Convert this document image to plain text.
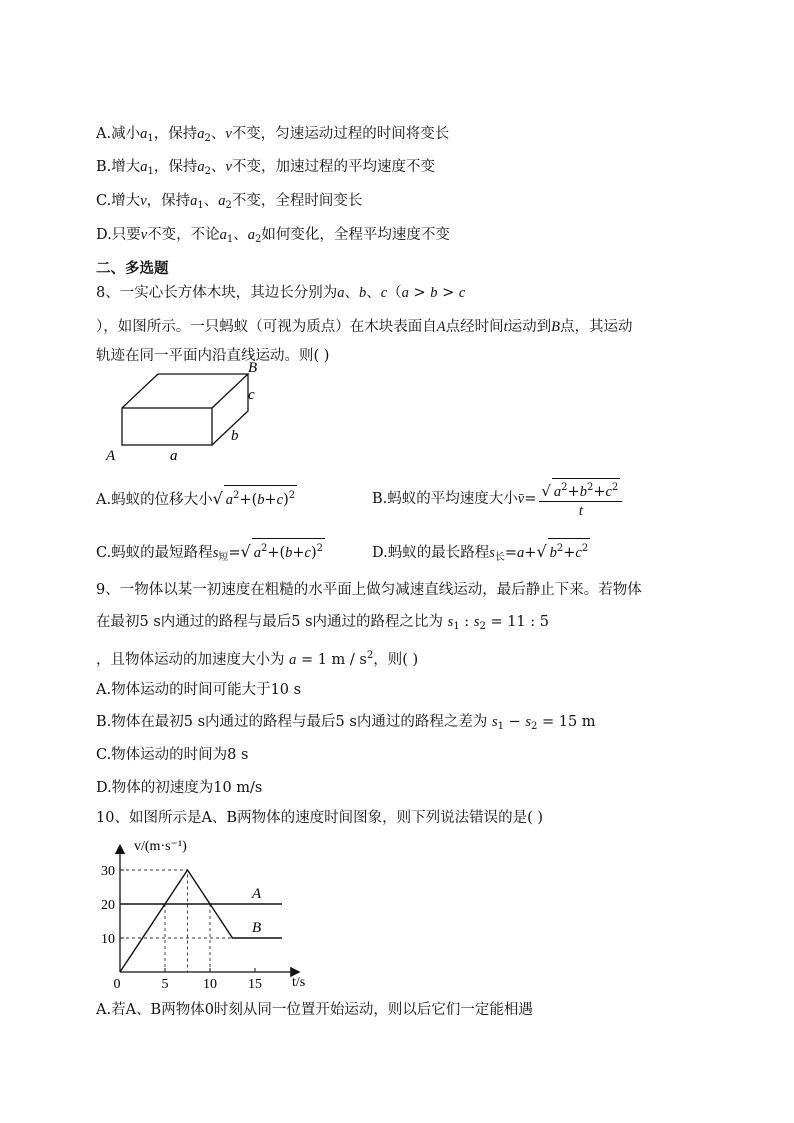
A.减小$a_1$，保持$a_2$、v不变，匀速运动过程的时间将变长
B.增大$a_1$，保持$a_2$、v不变，加速过程的平均速度不变
C.增大v，保持$a_1$、$a_2$不变，全程时间变长
D.只要v不变，不论$a_1$、$a_2$如何变化，全程平均速度不变
二、多选题
8、一实心长方体木块，其边长分别为a、b、c（a > b > c
），如图所示。一只蚂蚁（可视为质点）在木块表面自A点经时间t运动到B点，其运动
轨迹在同一平面内沿直线运动。则( )
A	a
B
c
b
A.蚂蚁的位移大小√ $a^2+(b+c)^2$	B.蚂蚁的平均速度大小v̄= $\frac{√ a^2+b^2+c^2}{t}$
C.蚂蚁的最短路程$s_短=√$ $a^2+(b+c)^2$	D.蚂蚁的最长路程$s_长=a+√$ $b^2+c^2$
9、一物体以某一初速度在粗糙的水平面上做匀减速直线运动，最后静止下来。若物体
在最初5 s内通过的路程与最后5 s内通过的路程之比为 $s_1$ : $s_2 = 11$ : 5
，且物体运动的加速度大小为 a = 1 m / $s^2$，则( )
A.物体运动的时间可能大于10 s
B.物体在最初5 s内通过的路程与最后5 s内通过的路程之差为 $s_1 - s_2 = 15$ m
C.物体运动的时间为8 s
D.物体的初速度为10 m/s
10、如图所示是A、B两物体的速度时间图象，则下列说法错误的是( )
A
B
10
20
30
0	5 10 15
v/(m·s⁻¹)
t/s
A.若A、B两物体0时刻从同一位置开始运动，则以后它们一定能相遇
